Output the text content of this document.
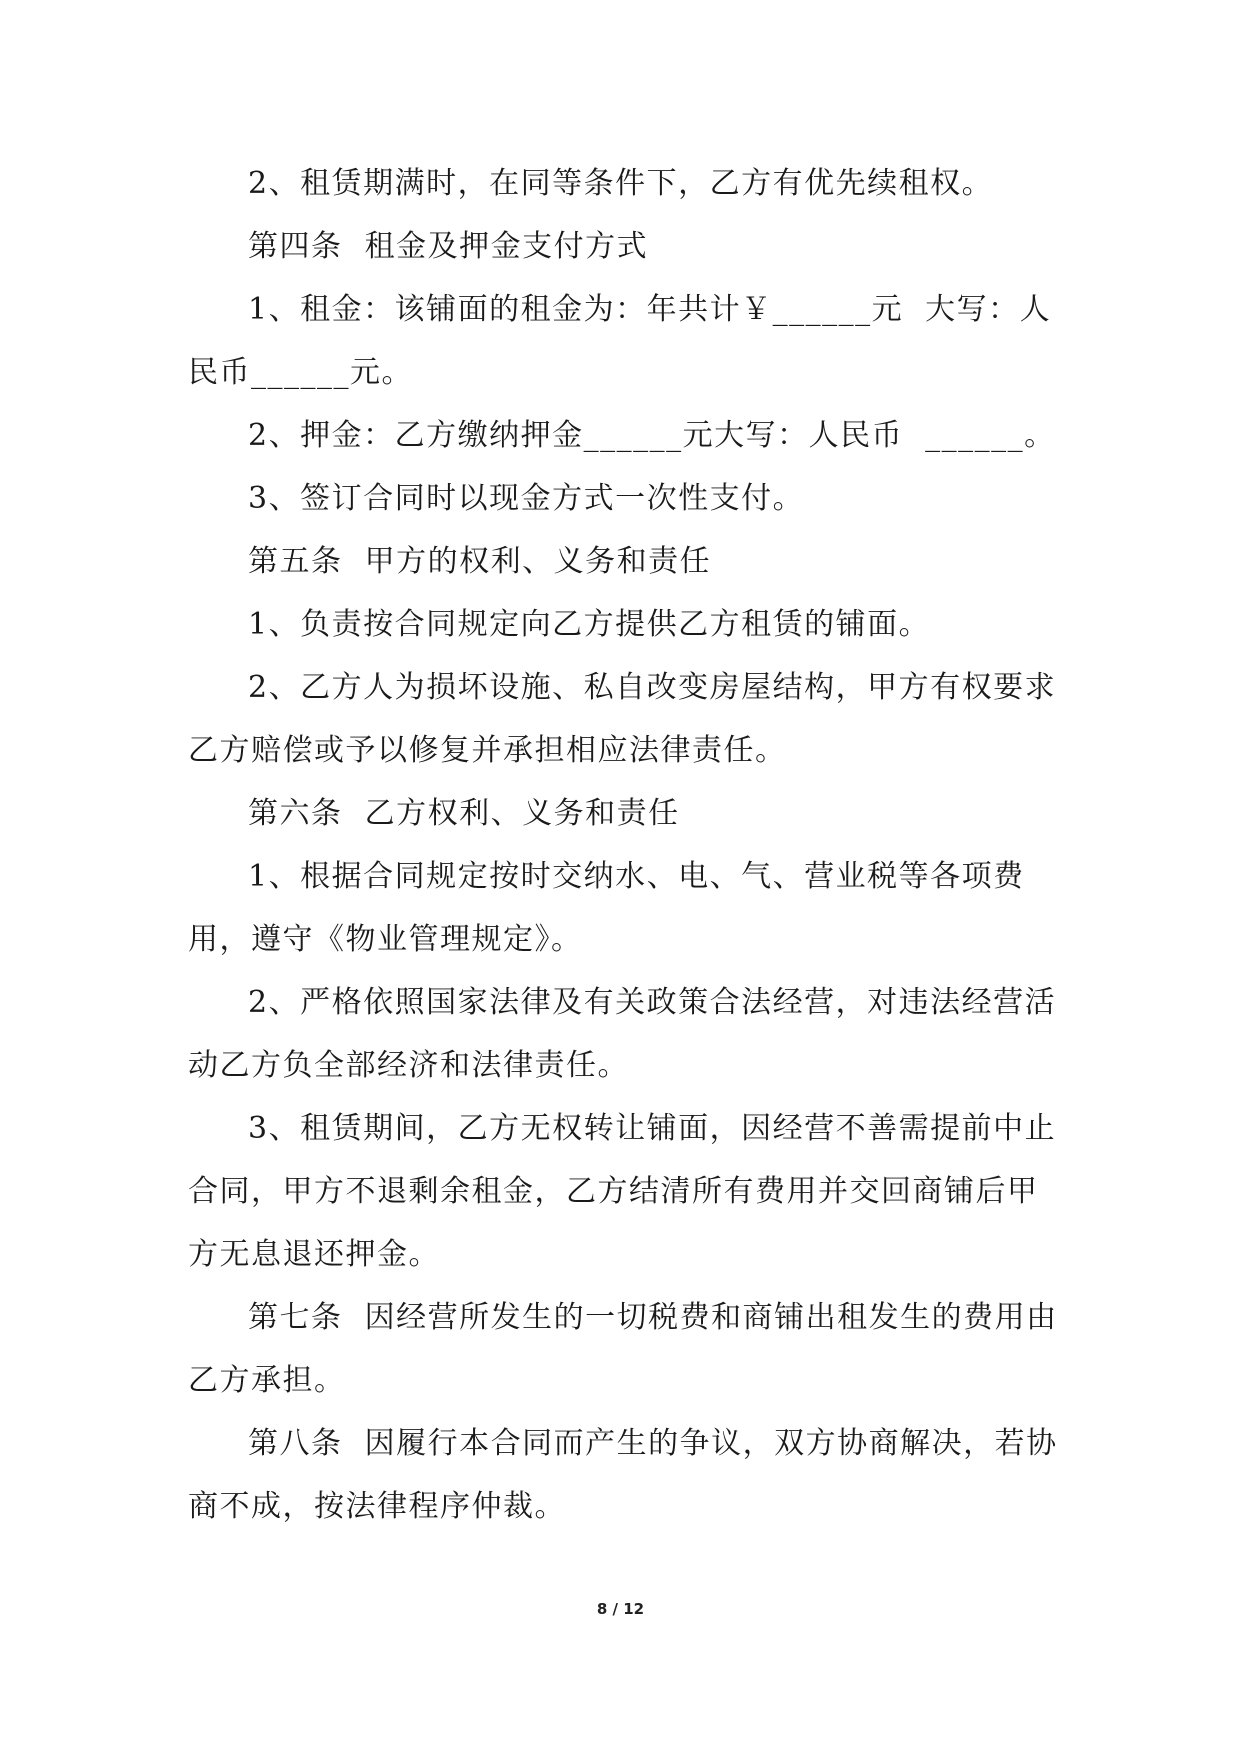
2、租赁期满时，在同等条件下，乙方有优先续租权。

第四条  租金及押金支付方式

1、租金：该铺面的租金为：年共计￥______元  大写：人民币______元。

2、押金：乙方缴纳押金______元大写：人民币  ______。

3、签订合同时以现金方式一次性支付。

第五条  甲方的权利、义务和责任

1、负责按合同规定向乙方提供乙方租赁的铺面。

2、乙方人为损坏设施、私自改变房屋结构，甲方有权要求乙方赔偿或予以修复并承担相应法律责任。

第六条  乙方权利、义务和责任

1、根据合同规定按时交纳水、电、气、营业税等各项费用，遵守《物业管理规定》。

2、严格依照国家法律及有关政策合法经营，对违法经营活动乙方负全部经济和法律责任。

3、租赁期间，乙方无权转让铺面，因经营不善需提前中止合同，甲方不退剩余租金，乙方结清所有费用并交回商铺后甲方无息退还押金。

第七条  因经营所发生的一切税费和商铺出租发生的费用由乙方承担。

第八条  因履行本合同而产生的争议，双方协商解决，若协商不成，按法律程序仲裁。

8 / 12
